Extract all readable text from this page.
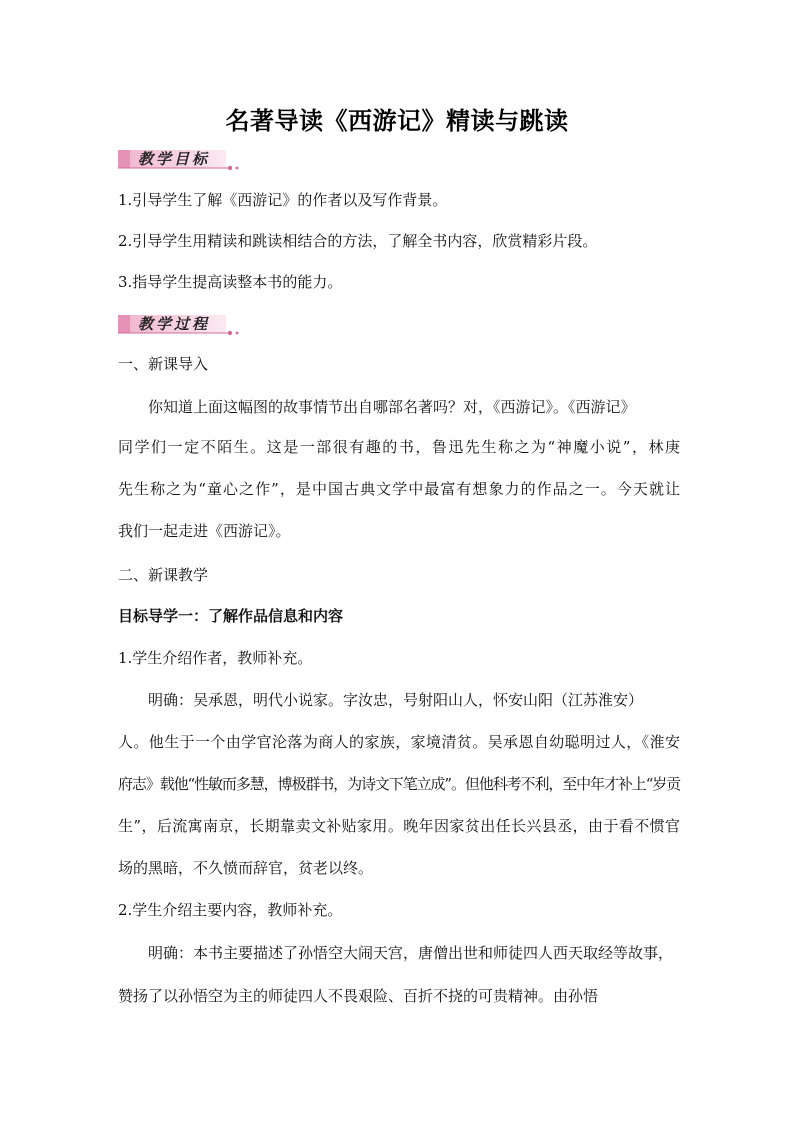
名著导读《西游记》精读与跳读
教学目标
1.引导学生了解《西游记》的作者以及写作背景。
2.引导学生用精读和跳读相结合的方法，了解全书内容，欣赏精彩片段。
3.指导学生提高读整本书的能力。
教学过程
一、新课导入
你知道上面这幅图的故事情节出自哪部名著吗？对，《西游记》。《西游记》
同学们一定不陌生。这是一部很有趣的书，鲁迅先生称之为“神魔小说”，林庚
先生称之为“童心之作”，是中国古典文学中最富有想象力的作品之一。今天就让
我们一起走进《西游记》。
二、新课教学
目标导学一：了解作品信息和内容
1.学生介绍作者，教师补充。
明确：吴承恩，明代小说家。字汝忠，号射阳山人，怀安山阳（江苏淮安）
人。他生于一个由学官沦落为商人的家族，家境清贫。吴承恩自幼聪明过人，《淮安
府志》载他“性敏而多慧，博极群书，为诗文下笔立成”。但他科考不利，至中年才补上“岁贡
生”，后流寓南京，长期靠卖文补贴家用。晚年因家贫出任长兴县丞，由于看不惯官
场的黑暗，不久愤而辞官，贫老以终。
2.学生介绍主要内容，教师补充。
明确：本书主要描述了孙悟空大闹天宫，唐僧出世和师徒四人西天取经等故事，
赞扬了以孙悟空为主的师徒四人不畏艰险、百折不挠的可贵精神。由孙悟
